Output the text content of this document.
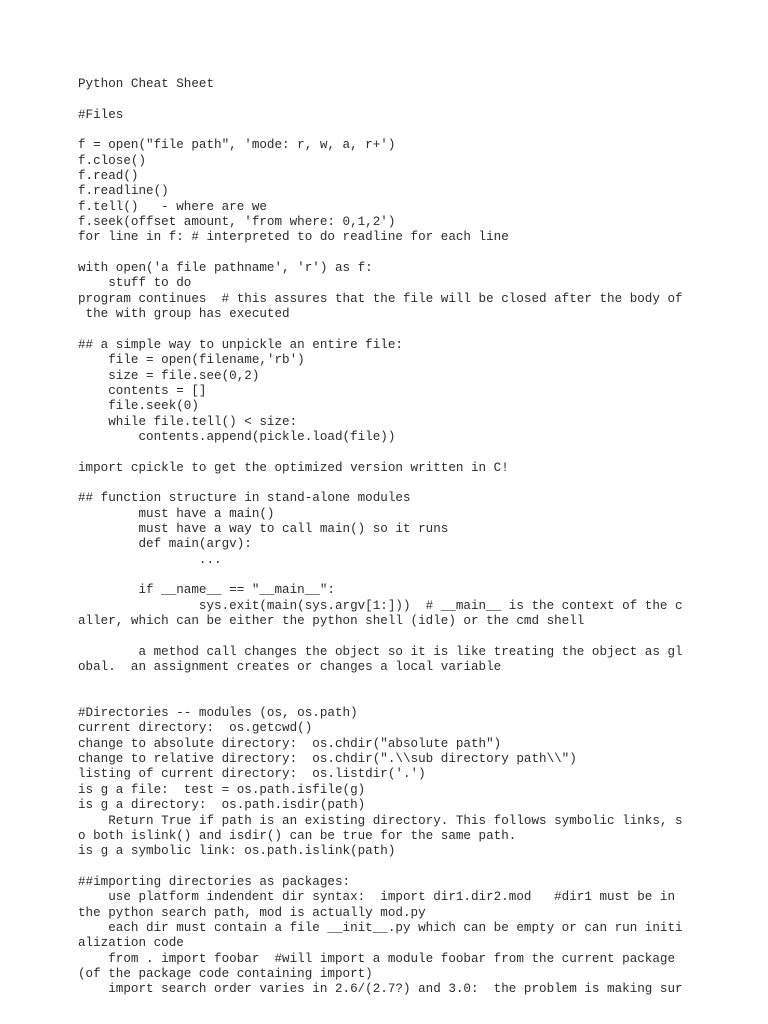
Python Cheat Sheet
#Files
f = open("file path", 'mode: r, w, a, r+')
f.close()
f.read()
f.readline()
f.tell()   - where are we
f.seek(offset amount, 'from where: 0,1,2')
for line in f: # interpreted to do readline for each line
with open('a file pathname', 'r') as f:
stuff to do
program continues  # this assures that the file will be closed after the body of
the with group has executed
## a simple way to unpickle an entire file:
file = open(filename,'rb')
size = file.see(0,2)
contents = []
file.seek(0)
while file.tell() < size:
contents.append(pickle.load(file))
import cpickle to get the optimized version written in C!
## function structure in stand-alone modules
must have a main()
must have a way to call main() so it runs
def main(argv):
...
if __name__ == "__main__":
sys.exit(main(sys.argv[1:]))  # __main__ is the context of the c
aller, which can be either the python shell (idle) or the cmd shell
a method call changes the object so it is like treating the object as gl
obal.  an assignment creates or changes a local variable
#Directories -- modules (os, os.path)
current directory:  os.getcwd()
change to absolute directory:  os.chdir("absolute path")
change to relative directory:  os.chdir(".\\sub directory path\\")
listing of current directory:  os.listdir('.')
is g a file:  test = os.path.isfile(g)
is g a directory:  os.path.isdir(path)
Return True if path is an existing directory. This follows symbolic links, s
o both islink() and isdir() can be true for the same path.
is g a symbolic link: os.path.islink(path)
##importing directories as packages:
use platform indendent dir syntax:  import dir1.dir2.mod   #dir1 must be in
the python search path, mod is actually mod.py
each dir must contain a file __init__.py which can be empty or can run initi
alization code
from . import foobar  #will import a module foobar from the current package
(of the package code containing import)
import search order varies in 2.6/(2.7?) and 3.0:  the problem is making sur
